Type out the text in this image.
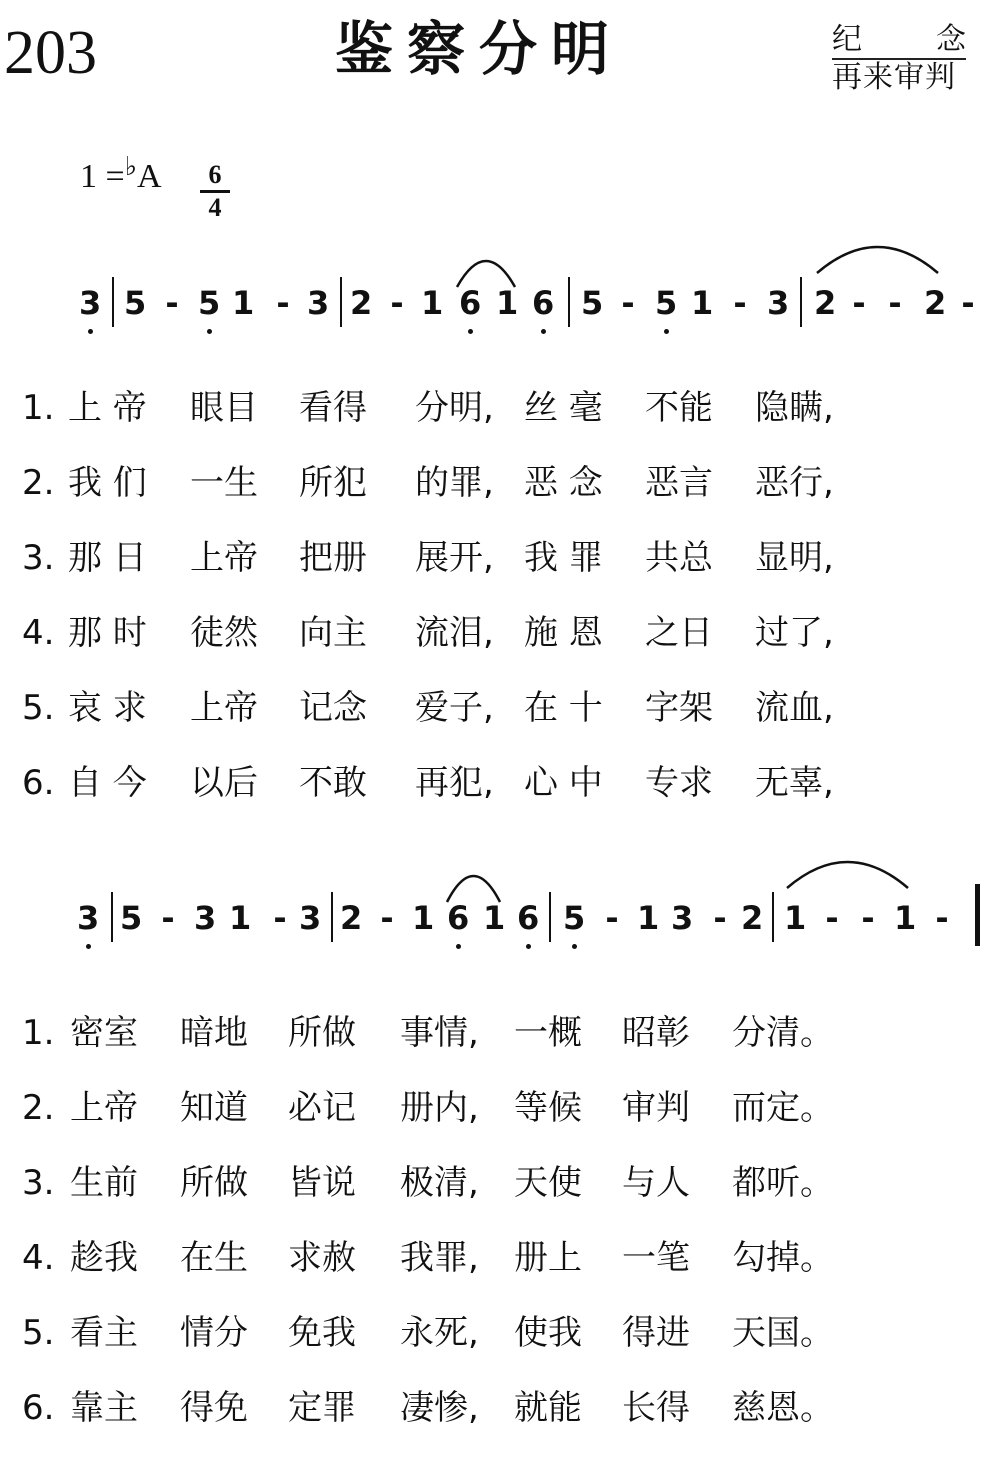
203	鉴察分明	纪 念
再来审判
$1 =^♭A \frac{6}{4}$
3 5 - 5 1 - 3 2 - 1 6 1 6 5 - 5 1 - 3 2 - - 2 -
1. 上 帝 眼目 看得 分明, 丝 毫 不能 隐瞒,
2. 我 们 一生 所犯 的罪, 恶 念 恶言 恶行,
3. 那 日 上帝 把册 展开, 我 罪 共总 显明,
4. 那 时 徒然 向主 流泪, 施 恩 之日 过了,
5. 哀 求 上帝 记念 爱子, 在 十 字架 流血,
6. 自 今 以后 不敢 再犯, 心 中 专求 无辜,
3 5 - 3 1 - 3 2 - 1 6 1 6 5 - 1 3 - 2 1 - - 1 -
1. 密室 暗地 所做 事情, 一概 昭彰 分清。
2. 上帝 知道 必记 册内, 等候 审判 而定。
3. 生前 所做 皆说 极清, 天使 与人 都听。
4. 趁我 在生 求赦 我罪, 册上 一笔 勾掉。
5. 看主 情分 免我 永死, 使我 得进 天国。
6. 靠主 得免 定罪 凄惨, 就能 长得 慈恩。
